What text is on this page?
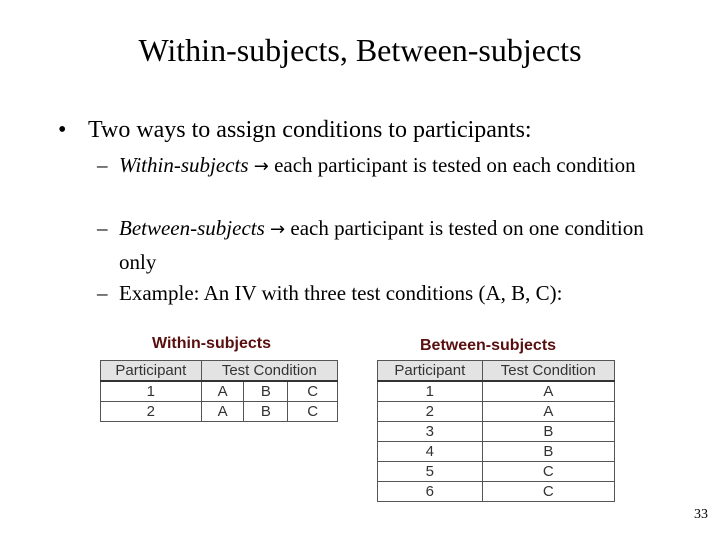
Within-subjects, Between-subjects
• Two ways to assign conditions to participants:
– Within-subjects → each participant is tested on each condition
– Between-subjects → each participant is tested on one condition only
– Example: An IV with three test conditions (A, B, C):
Within-subjects
Participant	Test Condition		
1	A	B	C
2	A	B	C
Between-subjects
Participant	Test Condition
1	A
2	A
3	B
4	B
5	C
6	C
33
